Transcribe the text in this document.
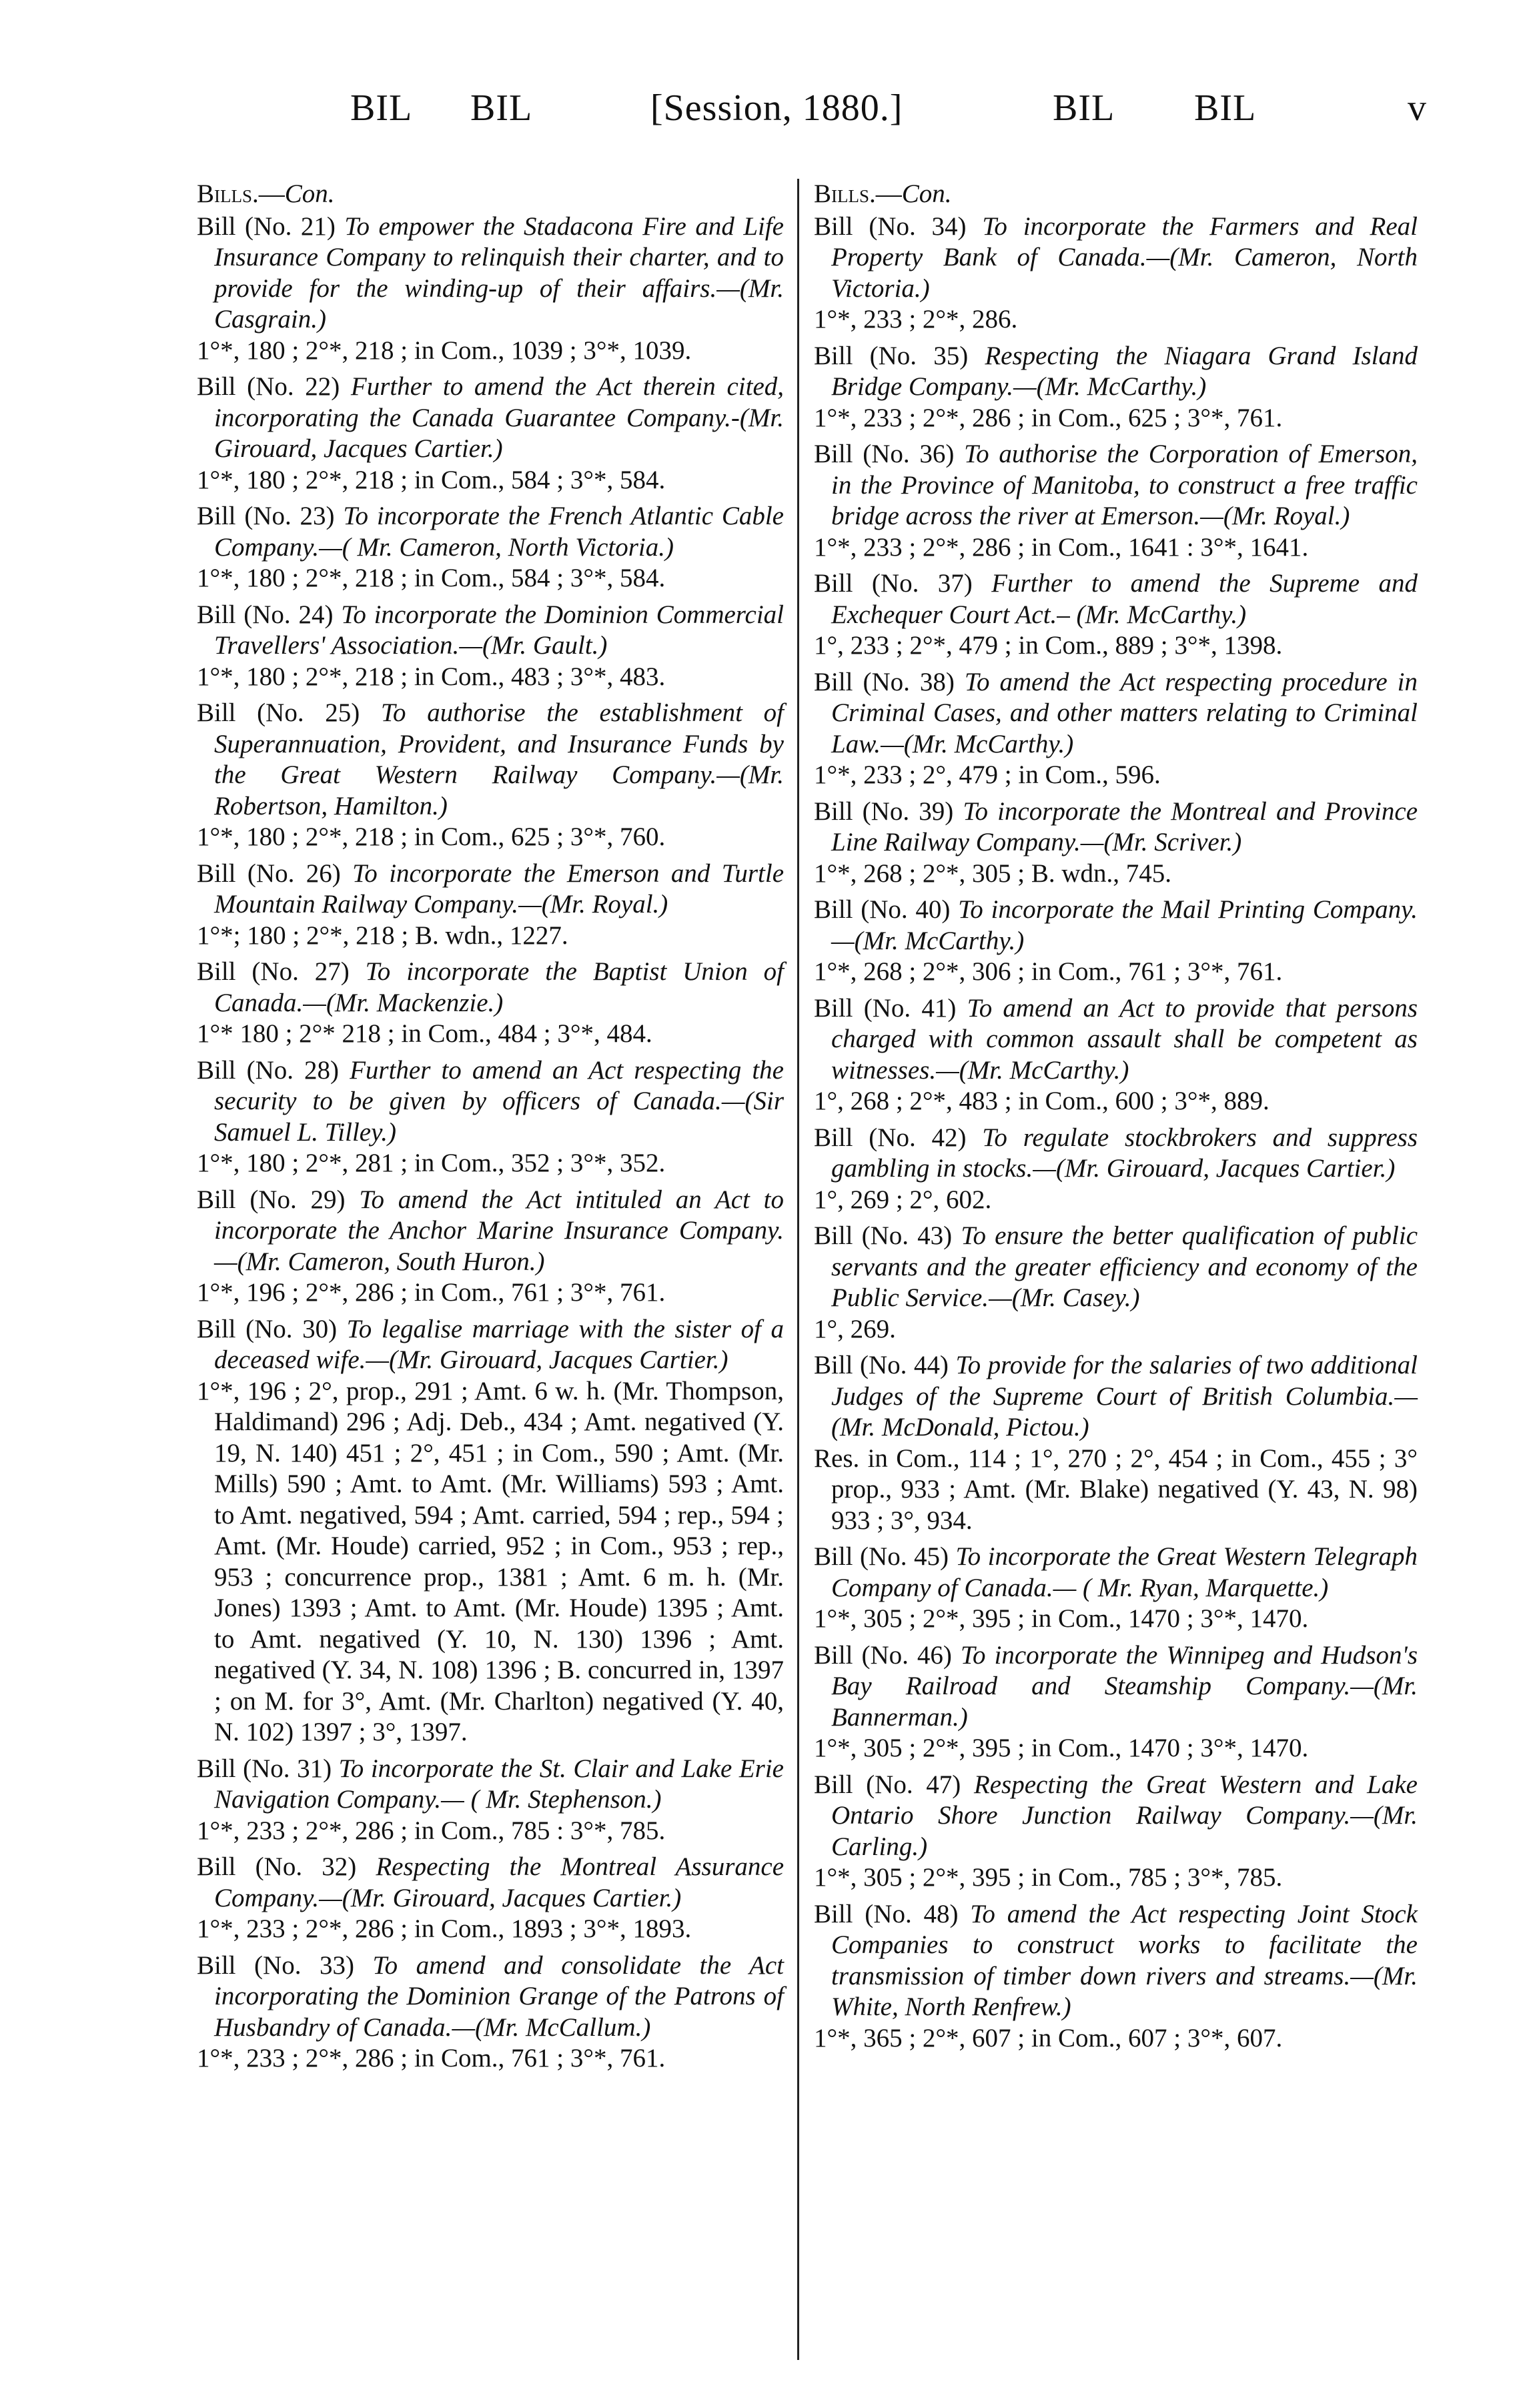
BIL BIL	[Session, 1880.]	BIL BIL	v
Bills.—Con.
Bill (No. 21) To empower the Stadacona Fire and Life Insurance Company to relinquish their charter, and to provide for the winding-up of their affairs.—(Mr. Casgrain.)
1°*, 180 ; 2°*, 218 ; in Com., 1039 ; 3°*, 1039.
Bill (No. 22) Further to amend the Act therein cited, incorporating the Canada Guarantee Company.-(Mr. Girouard, Jacques Cartier.)
1°*, 180 ; 2°*, 218 ; in Com., 584 ; 3°*, 584.
Bill (No. 23) To incorporate the French Atlantic Cable Company.—( Mr. Cameron, North Victoria.)
1°*, 180 ; 2°*, 218 ; in Com., 584 ; 3°*, 584.
Bill (No. 24) To incorporate the Dominion Commercial Travellers' Association.—(Mr. Gault.)
1°*, 180 ; 2°*, 218 ; in Com., 483 ; 3°*, 483.
Bill (No. 25) To authorise the establishment of Superannuation, Provident, and Insurance Funds by the Great Western Railway Company.—(Mr. Robertson, Hamilton.)
1°*, 180 ; 2°*, 218 ; in Com., 625 ; 3°*, 760.
Bill (No. 26) To incorporate the Emerson and Turtle Mountain Railway Company.—(Mr. Royal.)
1°*; 180 ; 2°*, 218 ; B. wdn., 1227.
Bill (No. 27) To incorporate the Baptist Union of Canada.—(Mr. Mackenzie.)
1°* 180 ; 2°* 218 ; in Com., 484 ; 3°*, 484.
Bill (No. 28) Further to amend an Act respecting the security to be given by officers of Canada.—(Sir Samuel L. Tilley.)
1°*, 180 ; 2°*, 281 ; in Com., 352 ; 3°*, 352.
Bill (No. 29) To amend the Act intituled an Act to incorporate the Anchor Marine Insurance Company.—(Mr. Cameron, South Huron.)
1°*, 196 ; 2°*, 286 ; in Com., 761 ; 3°*, 761.
Bill (No. 30) To legalise marriage with the sister of a deceased wife.—(Mr. Girouard, Jacques Cartier.)
1°*, 196 ; 2°, prop., 291 ; Amt. 6 w. h. (Mr. Thompson, Haldimand) 296 ; Adj. Deb., 434 ; Amt. negatived (Y. 19, N. 140) 451 ; 2°, 451 ; in Com., 590 ; Amt. (Mr. Mills) 590 ; Amt. to Amt. (Mr. Williams) 593 ; Amt. to Amt. negatived, 594 ; Amt. carried, 594 ; rep., 594 ; Amt. (Mr. Houde) carried, 952 ; in Com., 953 ; rep., 953 ; concurrence prop., 1381 ; Amt. 6 m. h. (Mr. Jones) 1393 ; Amt. to Amt. (Mr. Houde) 1395 ; Amt. to Amt. negatived (Y. 10, N. 130) 1396 ; Amt. negatived (Y. 34, N. 108) 1396 ; B. concurred in, 1397 ; on M. for 3°, Amt. (Mr. Charlton) negatived (Y. 40, N. 102) 1397 ; 3°, 1397.
Bill (No. 31) To incorporate the St. Clair and Lake Erie Navigation Company.— ( Mr. Stephenson.)
1°*, 233 ; 2°*, 286 ; in Com., 785 : 3°*, 785.
Bill (No. 32) Respecting the Montreal Assurance Company.—(Mr. Girouard, Jacques Cartier.)
1°*, 233 ; 2°*, 286 ; in Com., 1893 ; 3°*, 1893.
Bill (No. 33) To amend and consolidate the Act incorporating the Dominion Grange of the Patrons of Husbandry of Canada.—(Mr. McCallum.)
1°*, 233 ; 2°*, 286 ; in Com., 761 ; 3°*, 761.
Bills.—Con.
Bill (No. 34) To incorporate the Farmers and Real Property Bank of Canada.—(Mr. Cameron, North Victoria.)
1°*, 233 ; 2°*, 286.
Bill (No. 35) Respecting the Niagara Grand Island Bridge Company.—(Mr. McCarthy.)
1°*, 233 ; 2°*, 286 ; in Com., 625 ; 3°*, 761.
Bill (No. 36) To authorise the Corporation of Emerson, in the Province of Manitoba, to construct a free traffic bridge across the river at Emerson.—(Mr. Royal.)
1°*, 233 ; 2°*, 286 ; in Com., 1641 : 3°*, 1641.
Bill (No. 37) Further to amend the Supreme and Exchequer Court Act.– (Mr. McCarthy.)
1°, 233 ; 2°*, 479 ; in Com., 889 ; 3°*, 1398.
Bill (No. 38) To amend the Act respecting procedure in Criminal Cases, and other matters relating to Criminal Law.—(Mr. McCarthy.)
1°*, 233 ; 2°, 479 ; in Com., 596.
Bill (No. 39) To incorporate the Montreal and Province Line Railway Company.—(Mr. Scriver.)
1°*, 268 ; 2°*, 305 ; B. wdn., 745.
Bill (No. 40) To incorporate the Mail Printing Company.—(Mr. McCarthy.)
1°*, 268 ; 2°*, 306 ; in Com., 761 ; 3°*, 761.
Bill (No. 41) To amend an Act to provide that persons charged with common assault shall be competent as witnesses.—(Mr. McCarthy.)
1°, 268 ; 2°*, 483 ; in Com., 600 ; 3°*, 889.
Bill (No. 42) To regulate stockbrokers and suppress gambling in stocks.—(Mr. Girouard, Jacques Cartier.)
1°, 269 ; 2°, 602.
Bill (No. 43) To ensure the better qualification of public servants and the greater efficiency and economy of the Public Service.—(Mr. Casey.)
1°, 269.
Bill (No. 44) To provide for the salaries of two additional Judges of the Supreme Court of British Columbia.—(Mr. McDonald, Pictou.)
Res. in Com., 114 ; 1°, 270 ; 2°, 454 ; in Com., 455 ; 3° prop., 933 ; Amt. (Mr. Blake) negatived (Y. 43, N. 98) 933 ; 3°, 934.
Bill (No. 45) To incorporate the Great Western Telegraph Company of Canada.— ( Mr. Ryan, Marquette.)
1°*, 305 ; 2°*, 395 ; in Com., 1470 ; 3°*, 1470.
Bill (No. 46) To incorporate the Winnipeg and Hudson's Bay Railroad and Steamship Company.—(Mr. Bannerman.)
1°*, 305 ; 2°*, 395 ; in Com., 1470 ; 3°*, 1470.
Bill (No. 47) Respecting the Great Western and Lake Ontario Shore Junction Railway Company.—(Mr. Carling.)
1°*, 305 ; 2°*, 395 ; in Com., 785 ; 3°*, 785.
Bill (No. 48) To amend the Act respecting Joint Stock Companies to construct works to facilitate the transmission of timber down rivers and streams.—(Mr. White, North Renfrew.)
1°*, 365 ; 2°*, 607 ; in Com., 607 ; 3°*, 607.
